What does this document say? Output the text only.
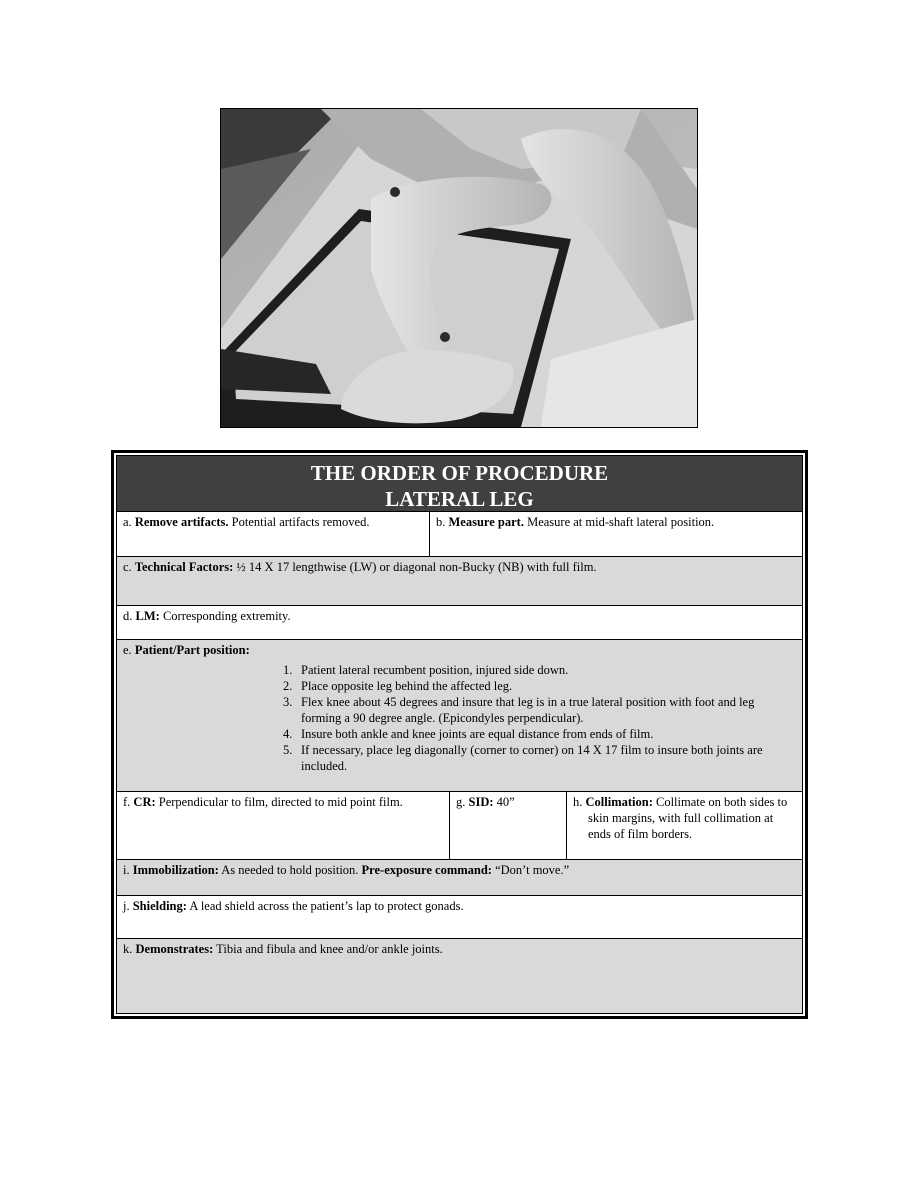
THE ORDER OF PROCEDURE
LATERAL LEG
a. Remove artifacts. Potential artifacts removed.	b. Measure part. Measure at mid-shaft lateral position.
c. Technical Factors: ½ 14 X 17 lengthwise (LW) or diagonal non-Bucky (NB) with full film.
d. LM: Corresponding extremity.
e. Patient/Part position:
1. Patient lateral recumbent position, injured side down.
2. Place opposite leg behind the affected leg.
3. Flex knee about 45 degrees and insure that leg is in a true lateral position with foot and leg forming a 90 degree angle. (Epicondyles perpendicular).
4. Insure both ankle and knee joints are equal distance from ends of film.
5. If necessary, place leg diagonally (corner to corner) on 14 X 17 film to insure both joints are included.
f. CR: Perpendicular to film, directed to mid point film.	g. SID: 40”	h. Collimation: Collimate on both sides to skin margins, with full collimation at ends of film borders.
i. Immobilization: As needed to hold position. Pre-exposure command: “Don’t move.”
j. Shielding: A lead shield across the patient’s lap to protect gonads.
k. Demonstrates: Tibia and fibula and knee and/or ankle joints.
